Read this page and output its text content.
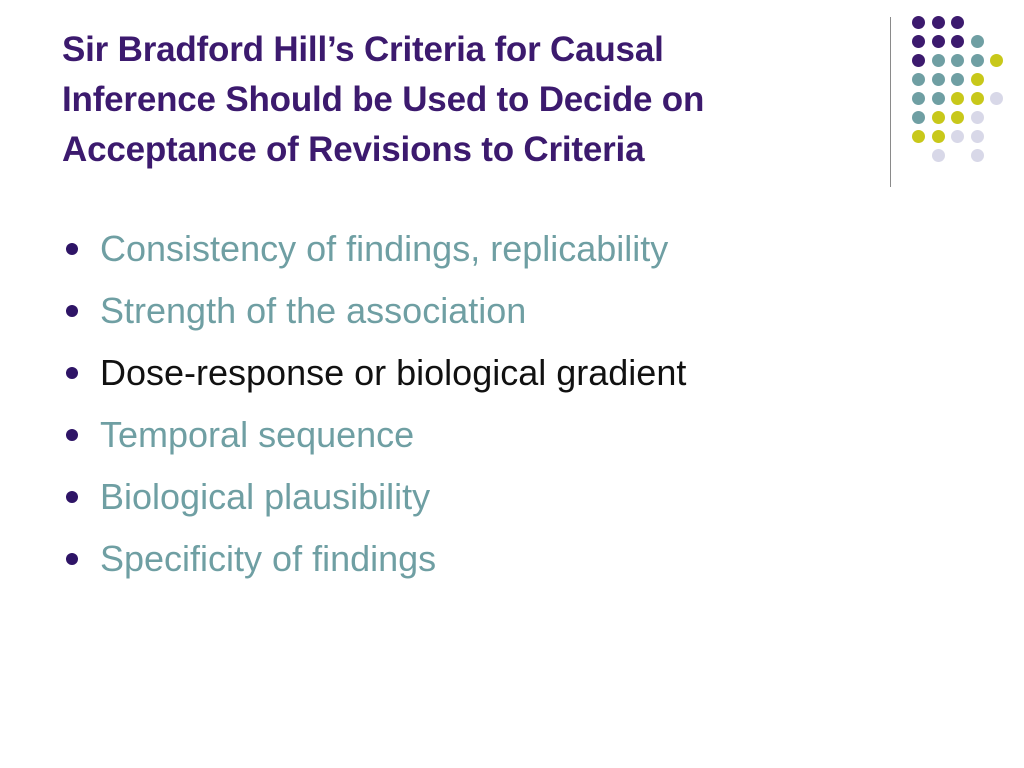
Sir Bradford Hill’s Criteria for Causal
Inference Should be Used to Decide on
Acceptance of Revisions to Criteria
Consistency of findings, replicability
Strength of the association
Dose-response or biological gradient
Temporal sequence
Biological plausibility
Specificity of findings
